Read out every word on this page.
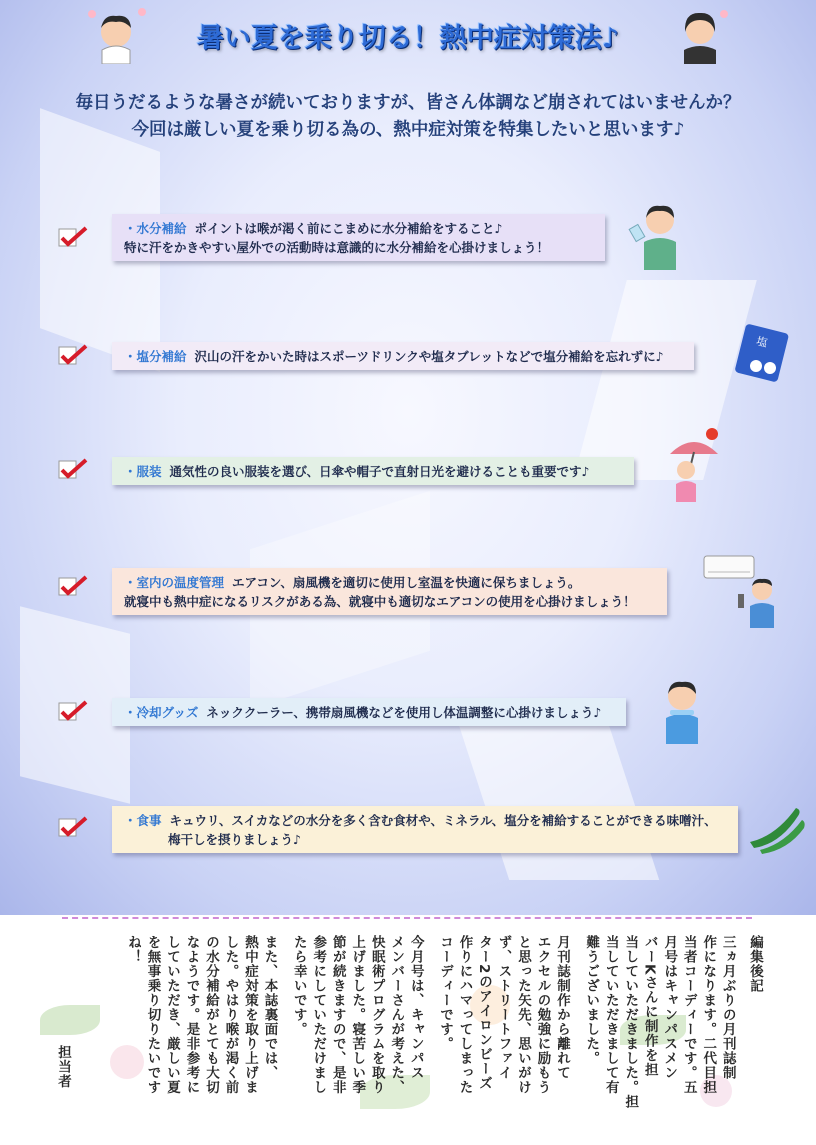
暑い夏を乗り切る！熱中症対策法♪
毎日うだるような暑さが続いておりますが、皆さん体調など崩されてはいませんか？
今回は厳しい夏を乗り切る為の、熱中症対策を特集したいと思います♪
・水分補給 ポイントは喉が渇く前にこまめに水分補給をすること♪
特に汗をかきやすい屋外での活動時は意識的に水分補給を心掛けましょう！
・塩分補給 沢山の汗をかいた時はスポーツドリンクや塩タブレットなどで塩分補給を忘れずに♪
塩
・服装 通気性の良い服装を選び、日傘や帽子で直射日光を避けることも重要です♪
・室内の温度管理 エアコン、扇風機を適切に使用し室温を快適に保ちましょう。
就寝中も熱中症になるリスクがある為、就寝中も適切なエアコンの使用を心掛けましょう！
・冷却グッズ ネッククーラー、携帯扇風機などを使用し体温調整に心掛けましょう♪
・食事 キュウリ、スイカなどの水分を多く含む食材や、ミネラル、塩分を補給することができる味噌汁、
梅干しを摂りましょう♪
編集後記
三ヵ月ぶりの月刊誌制
作になります。二代目担
当者コーディーです。五
月号はキャンパスメン
バーKさんに制作を担
当していただきました。担
当していただきまして有
難うございました。
月刊誌制作から離れて
エクセルの勉強に励もう
と思った矢先、思いがけ
ず、ストリートファイ
ター2のアイロンビーズ
作りにハマってしまった
コーディーです。
今月号は、キャンパス
メンバーさんが考えた、
快眠術プログラムを取り
上げました。寝苦しい季
節が続きますので、是非
参考にしていただけまし
たら幸いです。
また、本誌裏面では、
熱中症対策を取り上げま
した。やはり喉が渇く前
の水分補給がとても大切
なようです。是非参考に
していただき、厳しい夏
を無事乗り切りたいです
ね！
担当者
